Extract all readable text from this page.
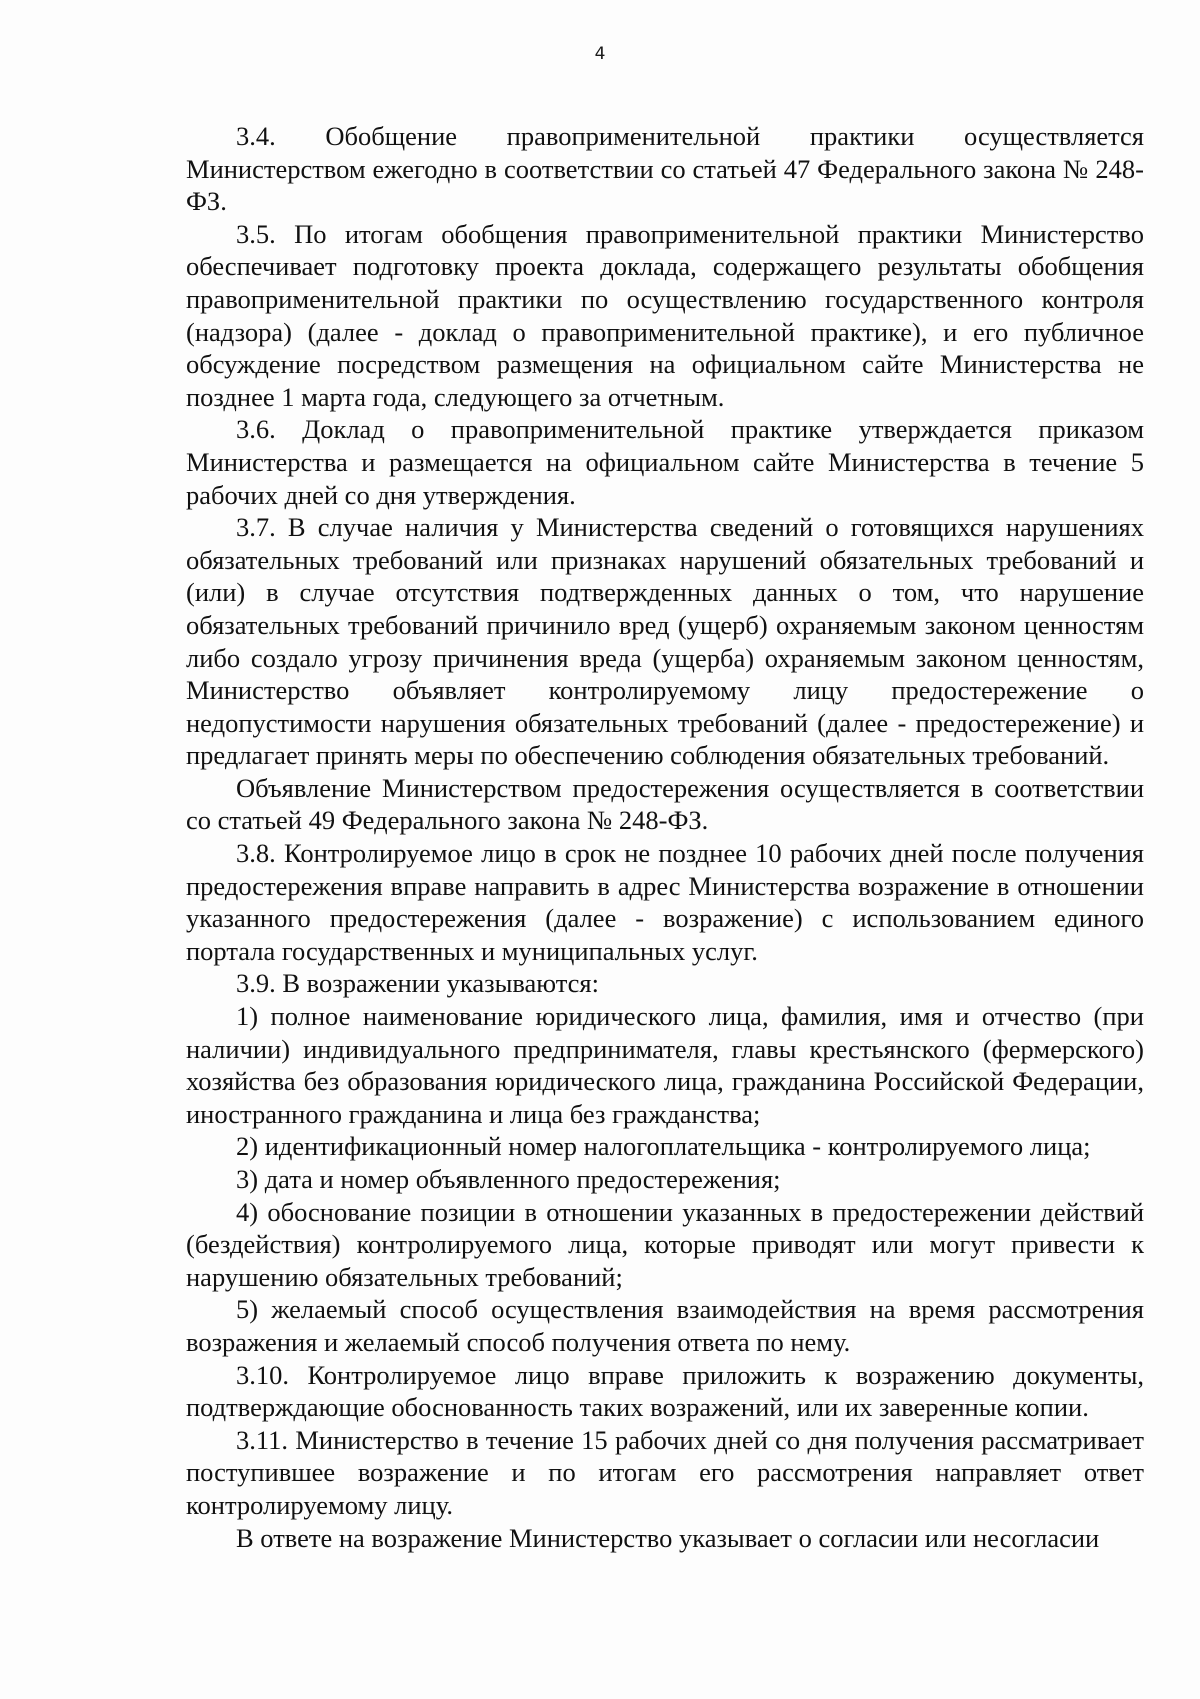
4

3.4. Обобщение правоприменительной практики осуществляется Министерством ежегодно в соответствии со статьей 47 Федерального закона № 248-ФЗ.

3.5. По итогам обобщения правоприменительной практики Министерство обеспечивает подготовку проекта доклада, содержащего результаты обобщения правоприменительной практики по осуществлению государственного контроля (надзора) (далее - доклад о правоприменительной практике), и его публичное обсуждение посредством размещения на официальном сайте Министерства не позднее 1 марта года, следующего за отчетным.

3.6. Доклад о правоприменительной практике утверждается приказом Министерства и размещается на официальном сайте Министерства в течение 5 рабочих дней со дня утверждения.

3.7. В случае наличия у Министерства сведений о готовящихся нарушениях обязательных требований или признаках нарушений обязательных требований и (или) в случае отсутствия подтвержденных данных о том, что нарушение обязательных требований причинило вред (ущерб) охраняемым законом ценностям либо создало угрозу причинения вреда (ущерба) охраняемым законом ценностям, Министерство объявляет контролируемому лицу предостережение о недопустимости нарушения обязательных требований (далее - предостережение) и предлагает принять меры по обеспечению соблюдения обязательных требований.

Объявление Министерством предостережения осуществляется в соответствии со статьей 49 Федерального закона № 248-ФЗ.

3.8. Контролируемое лицо в срок не позднее 10 рабочих дней после получения предостережения вправе направить в адрес Министерства возражение в отношении указанного предостережения (далее - возражение) с использованием единого портала государственных и муниципальных услуг.

3.9. В возражении указываются:

1) полное наименование юридического лица, фамилия, имя и отчество (при наличии) индивидуального предпринимателя, главы крестьянского (фермерского) хозяйства без образования юридического лица, гражданина Российской Федерации, иностранного гражданина и лица без гражданства;

2) идентификационный номер налогоплательщика - контролируемого лица;

3) дата и номер объявленного предостережения;

4) обоснование позиции в отношении указанных в предостережении действий (бездействия) контролируемого лица, которые приводят или могут привести к нарушению обязательных требований;

5) желаемый способ осуществления взаимодействия на время рассмотрения возражения и желаемый способ получения ответа по нему.

3.10. Контролируемое лицо вправе приложить к возражению документы, подтверждающие обоснованность таких возражений, или их заверенные копии.

3.11. Министерство в течение 15 рабочих дней со дня получения рассматривает поступившее возражение и по итогам его рассмотрения направляет ответ контролируемому лицу.

В ответе на возражение Министерство указывает о согласии или несогласии
